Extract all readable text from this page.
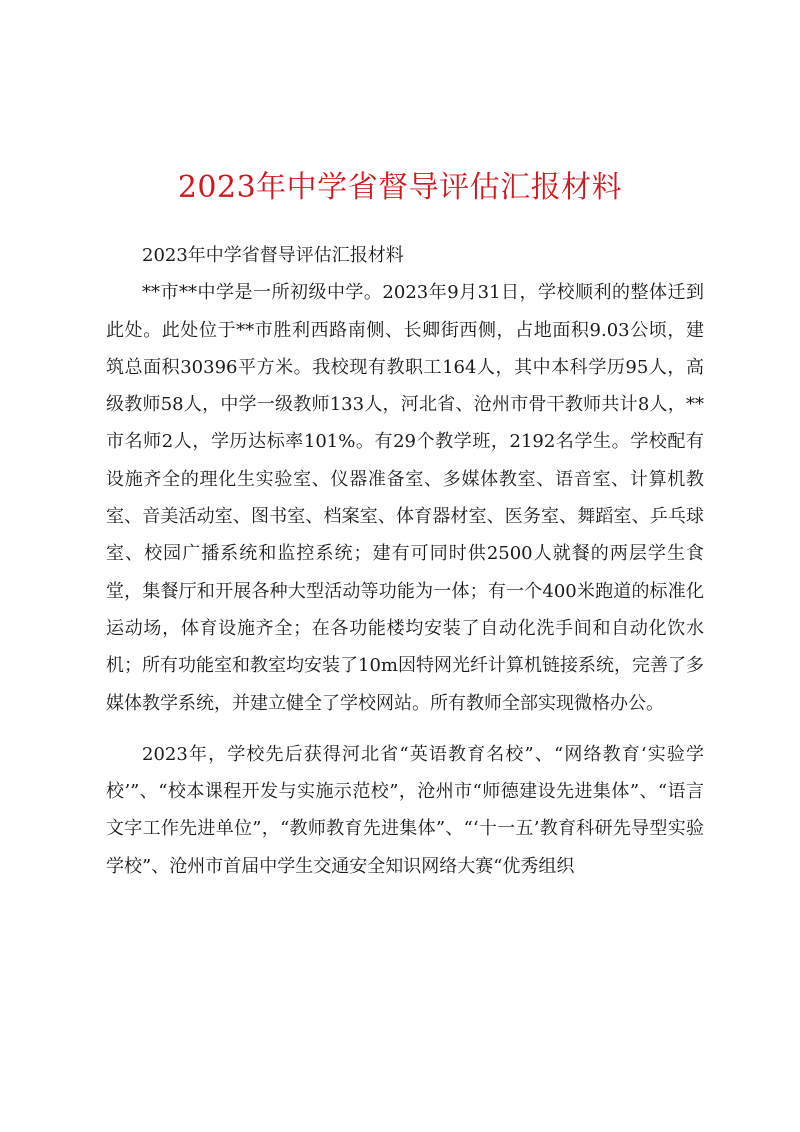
2023年中学省督导评估汇报材料

2023年中学省督导评估汇报材料

**市**中学是一所初级中学。2023年9月31日，学校顺利的整体迁到此处。此处位于**市胜利西路南侧、长卿街西侧，占地面积9.03公顷，建筑总面积30396平方米。我校现有教职工164人，其中本科学历95人，高级教师58人，中学一级教师133人，河北省、沧州市骨干教师共计8人，**市名师2人，学历达标率101%。有29个教学班，2192名学生。学校配有设施齐全的理化生实验室、仪器准备室、多媒体教室、语音室、计算机教室、音美活动室、图书室、档案室、体育器材室、医务室、舞蹈室、乒乓球室、校园广播系统和监控系统；建有可同时供2500人就餐的两层学生食堂，集餐厅和开展各种大型活动等功能为一体；有一个400米跑道的标准化运动场，体育设施齐全；在各功能楼均安装了自动化洗手间和自动化饮水机；所有功能室和教室均安装了10m因特网光纤计算机链接系统，完善了多媒体教学系统，并建立健全了学校网站。所有教师全部实现微格办公。

2023年，学校先后获得河北省“英语教育名校”、“网络教育‘实验学校’”、“校本课程开发与实施示范校”，沧州市“师德建设先进集体”、“语言文字工作先进单位”，“教师教育先进集体”、“‘十一五’教育科研先导型实验学校”、沧州市首届中学生交通安全知识网络大赛“优秀组织
